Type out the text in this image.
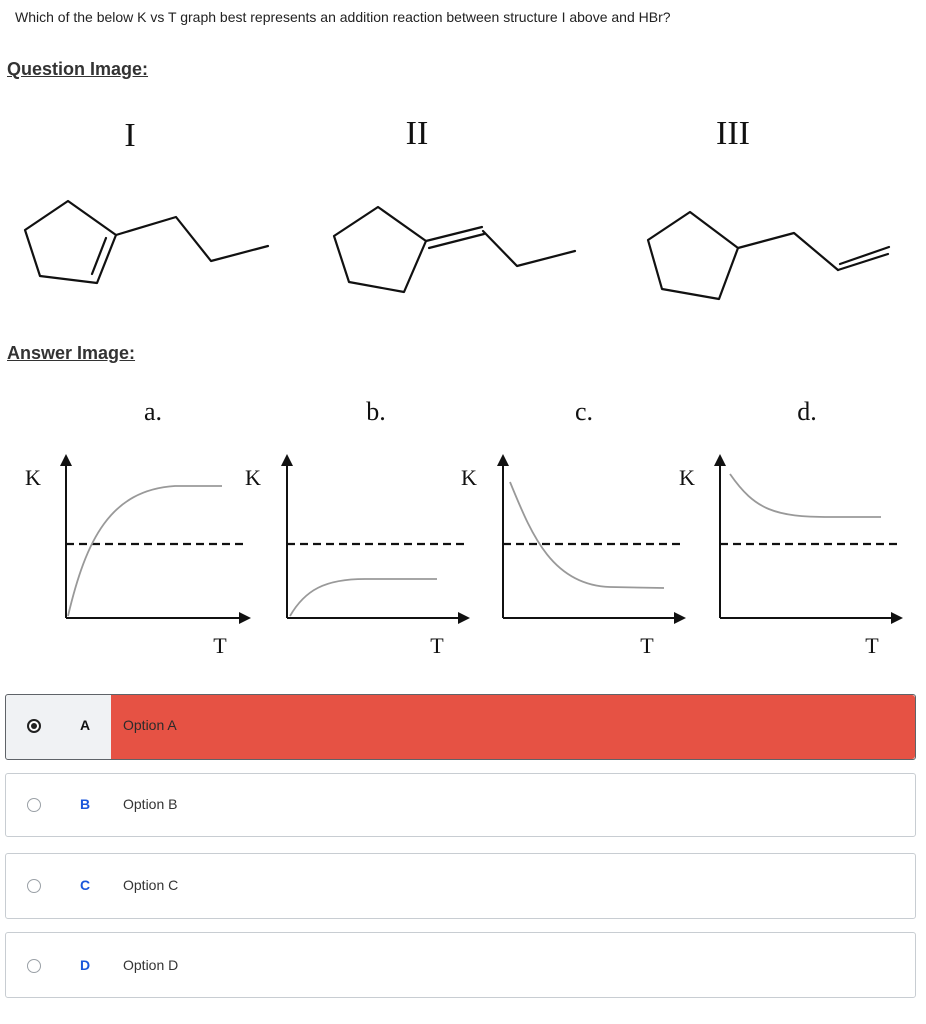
Which of the below K vs T graph best represents an addition reaction between structure I above and HBr?
Question Image:
I	II	III
Answer Image:
a.
K
T
b.
K
T
c.
K
T
d.
K
T
A Option A
B Option B
C Option C
D Option D
